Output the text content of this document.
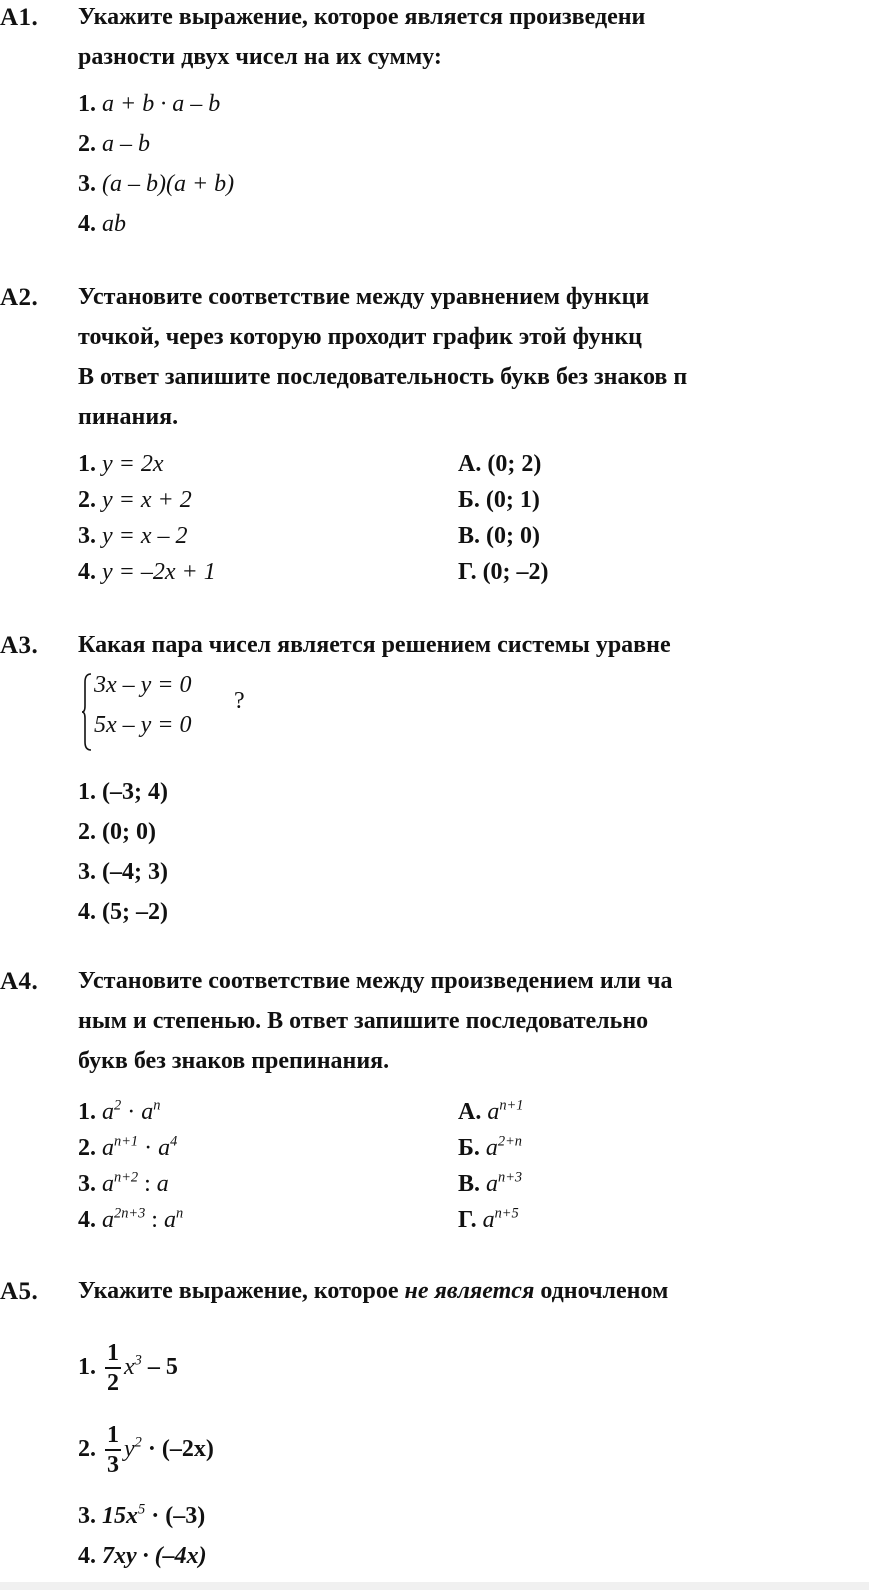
A1. Укажите выражение, которое является произведени
разности двух чисел на их сумму:
1. a + b · a – b
2. a – b
3. (a – b)(a + b)
4. ab
A2. Установите соответствие между уравнением функци
точкой, через которую проходит график этой функц
В ответ запишите последовательность букв без знаков п
пинания.
1. y = 2x
2. y = x + 2
3. y = x – 2
4. y = –2x + 1
А. (0; 2)
Б. (0; 1)
В. (0; 0)
Г. (0; –2)
A3. Какая пара чисел является решением системы уравне
3x – y = 0
5x – y = 0
?
1. (–3; 4)
2. (0; 0)
3. (–4; 3)
4. (5; –2)
A4. Установите соответствие между произведением или ча
ным и степенью. В ответ запишите последовательно
букв без знаков препинания.
1. $a^2 \cdot a^n$
2. $a^{n+1} \cdot a^4$
3. $a^{n+2}$ : a
4. $a^{2n+3}$ : $a^n$
А. $a^{n+1}$
Б. $a^{2+n}$
В. $a^{n+3}$
Г. $a^{n+5}$
A5. Укажите выражение, которое не является одночленом
1. $\frac{1}{2} x^3 - 5$
2. $\frac{1}{3} y^2 \cdot (-2x)$
3. $15x^5 \cdot (-3)$
4. 7xy · (–4x)
